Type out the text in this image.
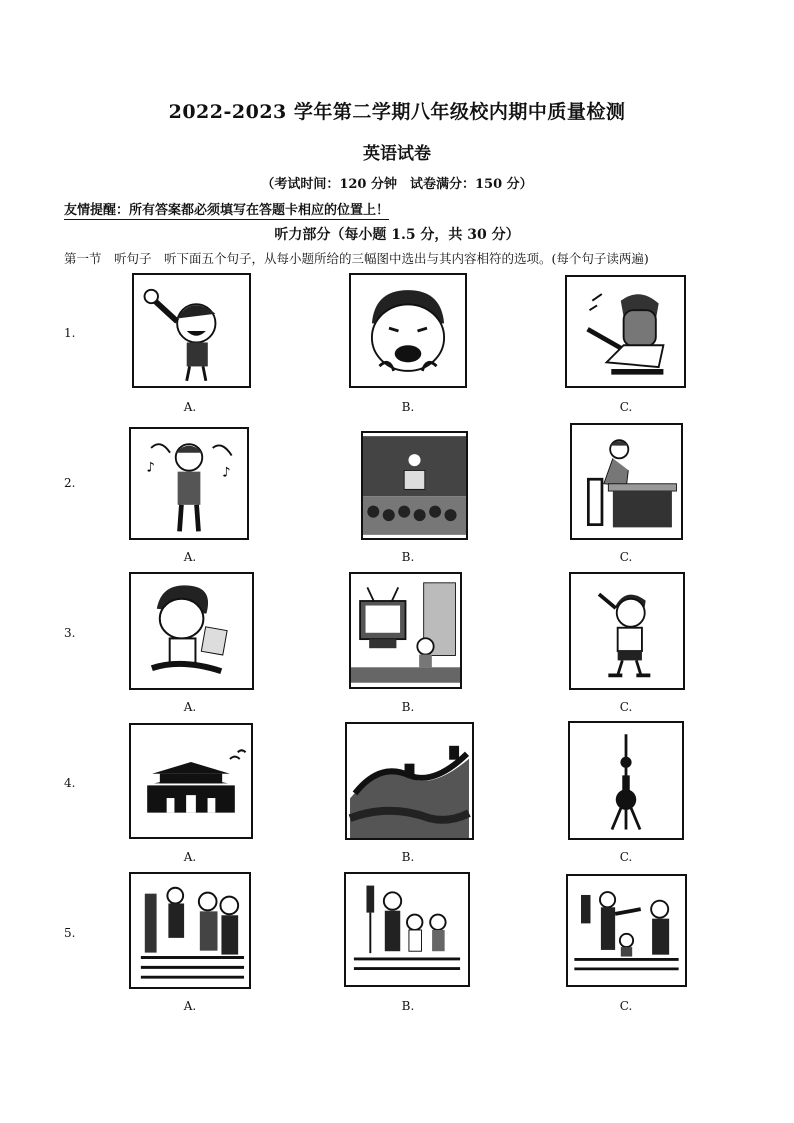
2022-2023 学年第二学期八年级校内期中质量检测
英语试卷
（考试时间：120 分钟　试卷满分：150 分）
友情提醒：所有答案都必须填写在答题卡相应的位置上！
听力部分（每小题 1.5 分，共 30 分）
第一节　听句子　听下面五个句子，从每小题所给的三幅图中选出与其内容相符的选项。(每个句子读两遍)
1.
A.	B.	C.
2.
♪
♪
A.	B.	C.
3.
A.	B.	C.
4.
A.	B.	C.
5.
A.	B.	C.
